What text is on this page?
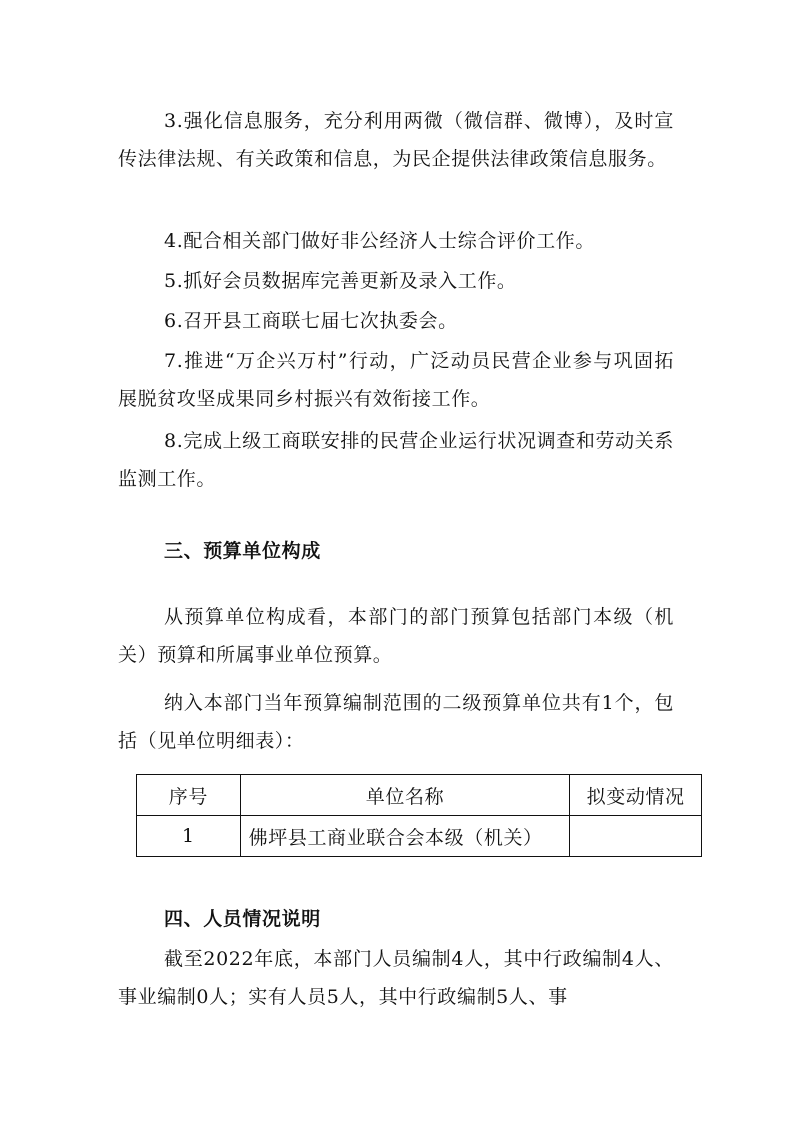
3.强化信息服务，充分利用两微（微信群、微博），及时宣传法律法规、有关政策和信息，为民企提供法律政策信息服务。

4.配合相关部门做好非公经济人士综合评价工作。

5.抓好会员数据库完善更新及录入工作。

6.召开县工商联七届七次执委会。

7.推进“万企兴万村”行动，广泛动员民营企业参与巩固拓展脱贫攻坚成果同乡村振兴有效衔接工作。

8.完成上级工商联安排的民营企业运行状况调查和劳动关系监测工作。

三、预算单位构成

从预算单位构成看，本部门的部门预算包括部门本级（机关）预算和所属事业单位预算。

纳入本部门当年预算编制范围的二级预算单位共有1个，包括（见单位明细表）：

序号	单位名称	拟变动情况
1	佛坪县工商业联合会本级（机关）	
四、人员情况说明

截至2022年底，本部门人员编制4人，其中行政编制4人、事业编制0人；实有人员5人，其中行政编制5人、事
